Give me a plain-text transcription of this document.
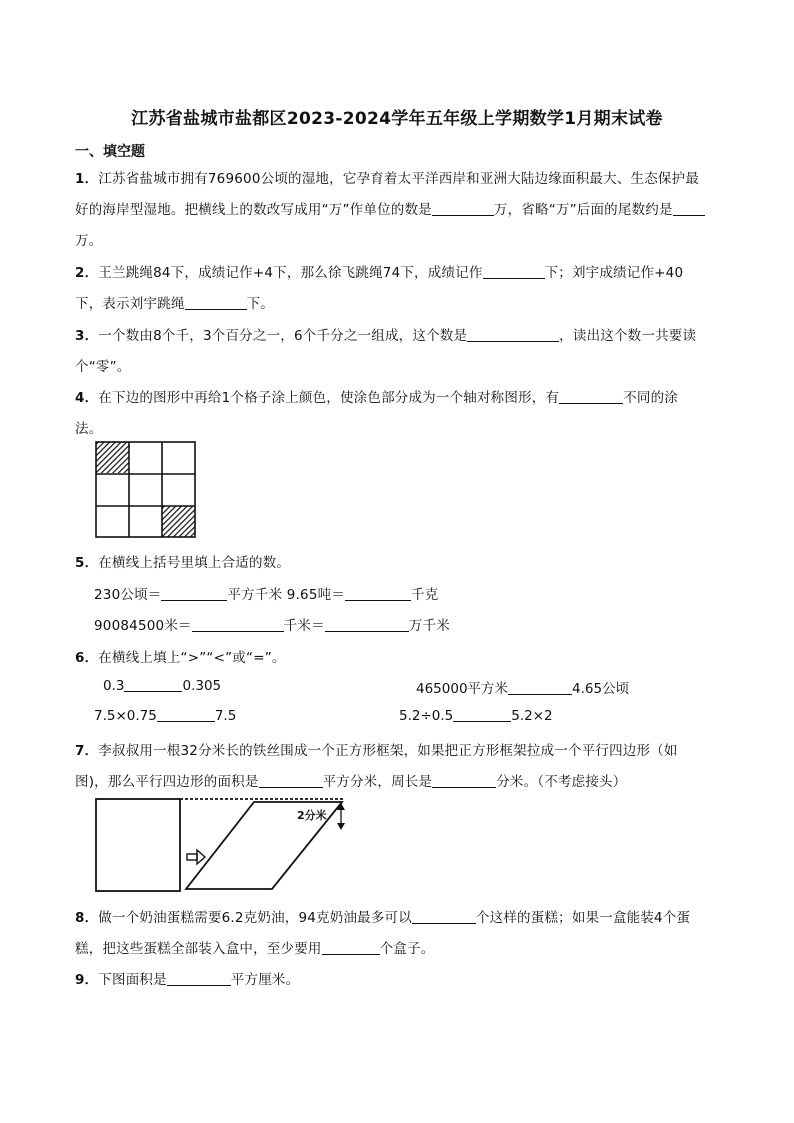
江苏省盐城市盐都区2023-2024学年五年级上学期数学1月期末试卷
一、填空题
1．江苏省盐城市拥有769600公顷的湿地，它孕育着太平洋西岸和亚洲大陆边缘面积最大、生态保护最
好的海岸型湿地。把横线上的数改写成用“万”作单位的数是	万，省略“万”后面的尾数约是
万。
2．王兰跳绳84下，成绩记作+4下，那么徐飞跳绳74下，成绩记作	下；刘宇成绩记作+40
下，表示刘宇跳绳	下。
3．一个数由8个千，3个百分之一，6个千分之一组成，这个数是	，读出这个数一共要读
个“零”。
4．在下边的图形中再给1个格子涂上颜色，使涂色部分成为一个轴对称图形，有	不同的涂
法。
5．在横线上括号里填上合适的数。
230公顷＝	平方千米 9.65吨＝	千克
90084500米＝	千米＝	万千米
6．在横线上填上“>”“<”或“=”。
0.3	0.305	465000平方米	4.65公顷
7.5×0.75	7.5	5.2÷0.5	5.2×2
7．李叔叔用一根32分米长的铁丝围成一个正方形框架，如果把正方形框架拉成一个平行四边形（如
图)，那么平行四边形的面积是	平方分米，周长是	分米。（不考虑接头）
2分米
8．做一个奶油蛋糕需要6.2克奶油，94克奶油最多可以	个这样的蛋糕；如果一盒能装4个蛋
糕，把这些蛋糕全部装入盒中，至少要用	个盒子。
9．下图面积是	平方厘米。
